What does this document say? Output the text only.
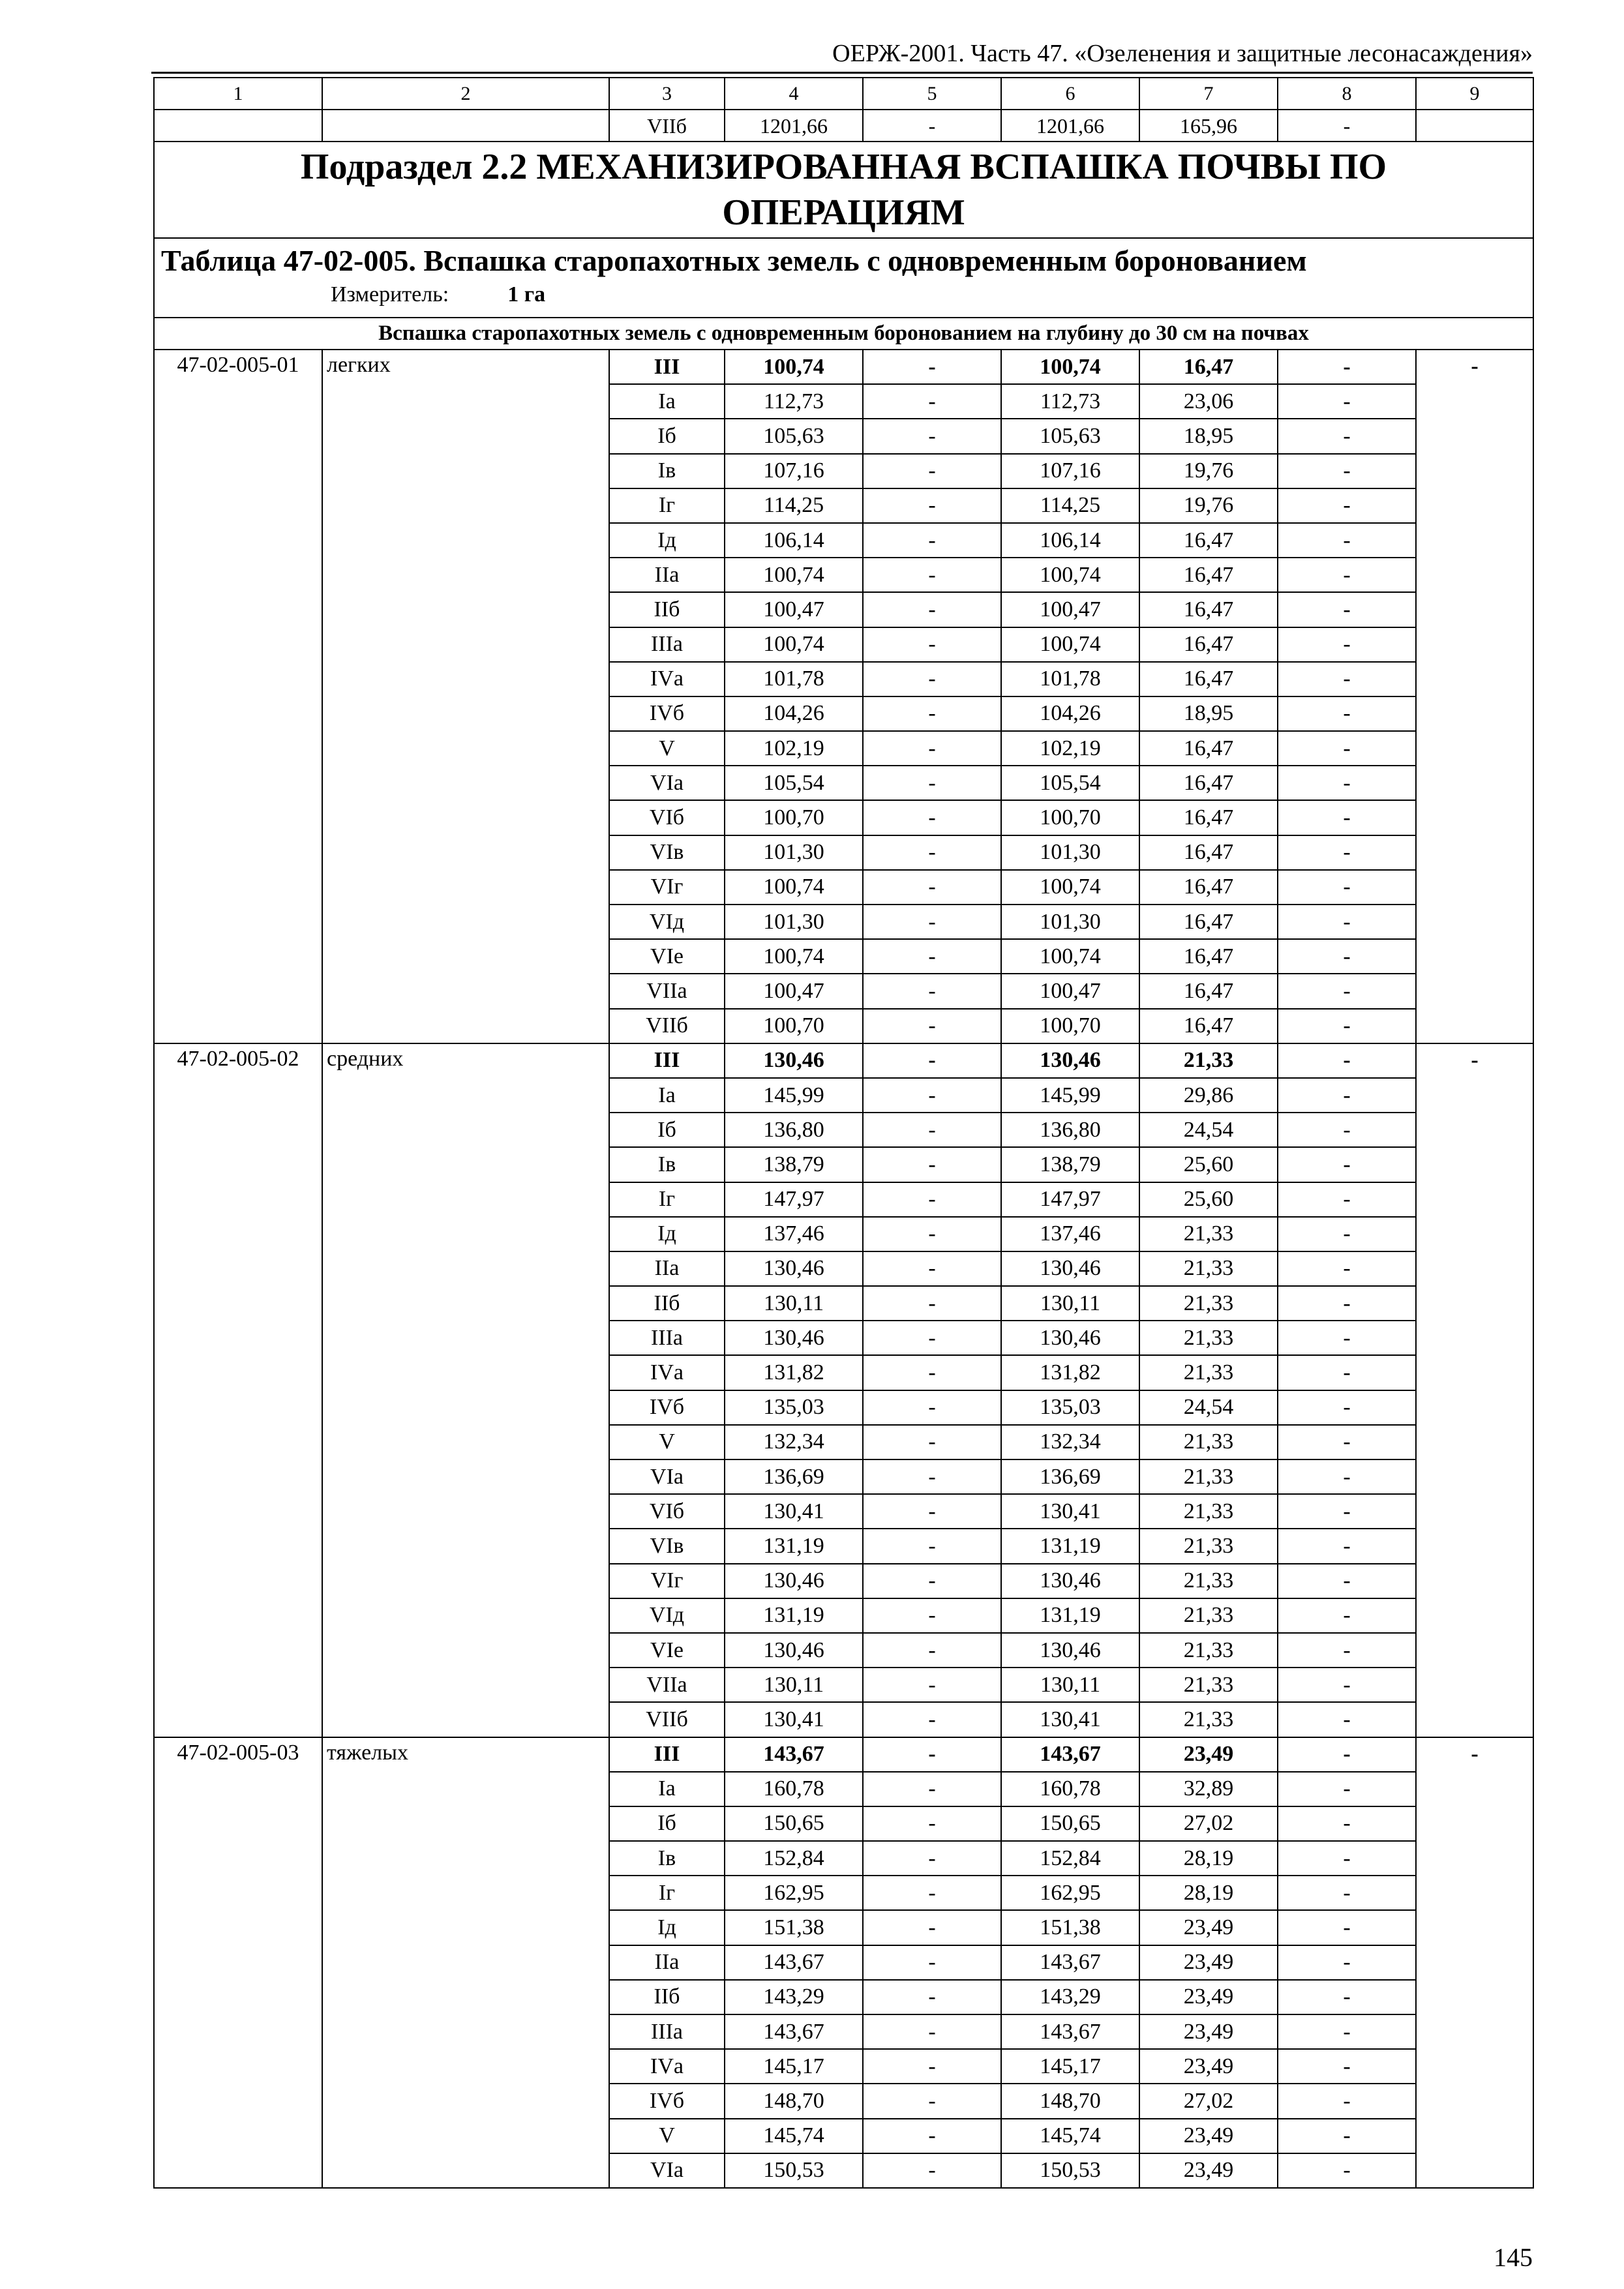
ОЕРЖ-2001. Часть 47. «Озеленения и защитные лесонасаждения»
1	2	3	4	5	6	7	8	9
		VIIб	1201,66	-	1201,66	165,96	-	
Подраздел 2.2 МЕХАНИЗИРОВАННАЯ ВСПАШКА ПОЧВЫ ПО ОПЕРАЦИЯМ								

Таблица 47-02-005. Вспашка старопахотных земель с одновременным боронованием
Измеритель: 1 га								

Вспашка старопахотных земель с одновременным боронованием на глубину до 30 см на почвах								
47-02-005-01	легких	III	100,74	-	100,74	16,47	-	-
		Iа	112,73	-	112,73	23,06	-	
		Iб	105,63	-	105,63	18,95	-	
		Iв	107,16	-	107,16	19,76	-	
		Iг	114,25	-	114,25	19,76	-	
		Iд	106,14	-	106,14	16,47	-	
		IIа	100,74	-	100,74	16,47	-	
		IIб	100,47	-	100,47	16,47	-	
		IIIа	100,74	-	100,74	16,47	-	
		IVа	101,78	-	101,78	16,47	-	
		IVб	104,26	-	104,26	18,95	-	
		V	102,19	-	102,19	16,47	-	
		VIа	105,54	-	105,54	16,47	-	
		VIб	100,70	-	100,70	16,47	-	
		VIв	101,30	-	101,30	16,47	-	
		VIг	100,74	-	100,74	16,47	-	
		VIд	101,30	-	101,30	16,47	-	
		VIе	100,74	-	100,74	16,47	-	
		VIIа	100,47	-	100,47	16,47	-	
		VIIб	100,70	-	100,70	16,47	-	
47-02-005-02	средних	III	130,46	-	130,46	21,33	-	-
		Iа	145,99	-	145,99	29,86	-	
		Iб	136,80	-	136,80	24,54	-	
		Iв	138,79	-	138,79	25,60	-	
		Iг	147,97	-	147,97	25,60	-	
		Iд	137,46	-	137,46	21,33	-	
		IIа	130,46	-	130,46	21,33	-	
		IIб	130,11	-	130,11	21,33	-	
		IIIа	130,46	-	130,46	21,33	-	
		IVа	131,82	-	131,82	21,33	-	
		IVб	135,03	-	135,03	24,54	-	
		V	132,34	-	132,34	21,33	-	
		VIа	136,69	-	136,69	21,33	-	
		VIб	130,41	-	130,41	21,33	-	
		VIв	131,19	-	131,19	21,33	-	
		VIг	130,46	-	130,46	21,33	-	
		VIд	131,19	-	131,19	21,33	-	
		VIе	130,46	-	130,46	21,33	-	
		VIIа	130,11	-	130,11	21,33	-	
		VIIб	130,41	-	130,41	21,33	-	
47-02-005-03	тяжелых	III	143,67	-	143,67	23,49	-	-
		Iа	160,78	-	160,78	32,89	-	
		Iб	150,65	-	150,65	27,02	-	
		Iв	152,84	-	152,84	28,19	-	
		Iг	162,95	-	162,95	28,19	-	
		Iд	151,38	-	151,38	23,49	-	
		IIа	143,67	-	143,67	23,49	-	
		IIб	143,29	-	143,29	23,49	-	
		IIIа	143,67	-	143,67	23,49	-	
		IVа	145,17	-	145,17	23,49	-	
		IVб	148,70	-	148,70	27,02	-	
		V	145,74	-	145,74	23,49	-	
		VIа	150,53	-	150,53	23,49	-	
145
